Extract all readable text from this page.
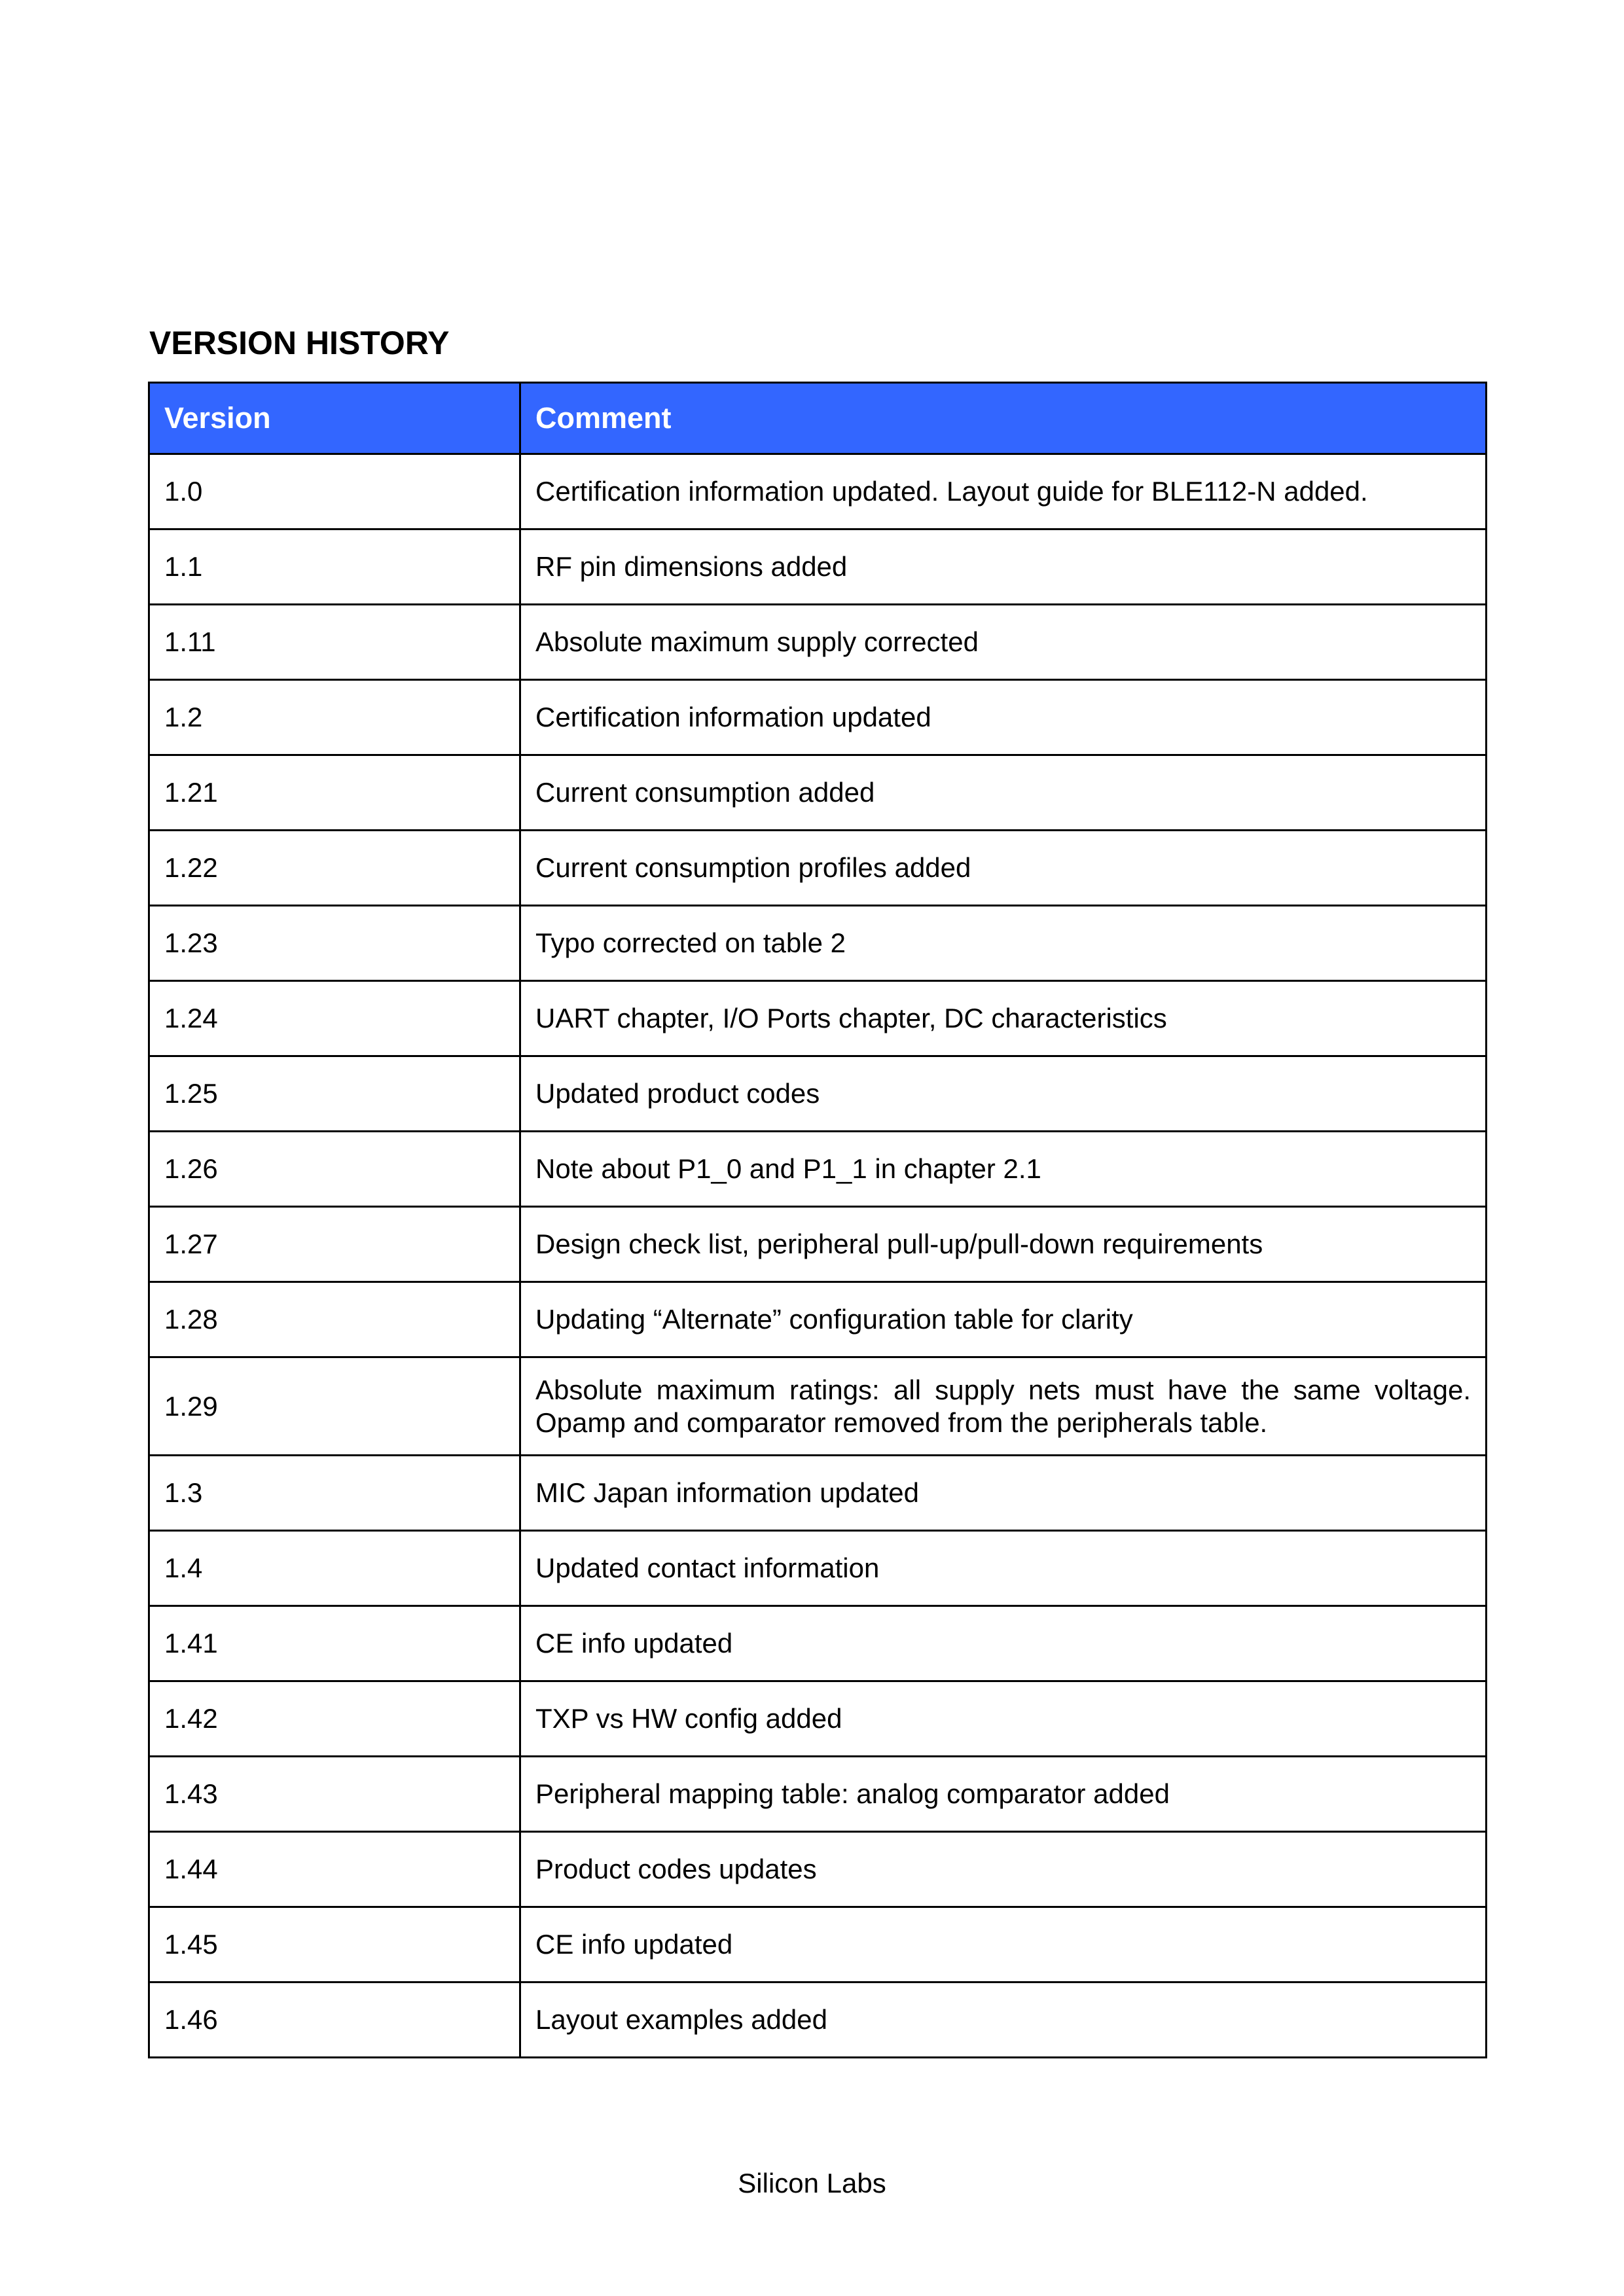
VERSION HISTORY
Version	Comment
1.0	Certification information updated. Layout guide for BLE112-N added.
1.1	RF pin dimensions added
1.11	Absolute maximum supply corrected
1.2	Certification information updated
1.21	Current consumption added
1.22	Current consumption profiles added
1.23	Typo corrected on table 2
1.24	UART chapter, I/O Ports chapter, DC characteristics
1.25	Updated product codes
1.26	Note about P1_0 and P1_1 in chapter 2.1
1.27	Design check list, peripheral pull-up/pull-down requirements
1.28	Updating “Alternate” configuration table for clarity
1.29	Absolute maximum ratings: all supply nets must have the same voltage. Opamp and comparator removed from the peripherals table.
1.3	MIC Japan information updated
1.4	Updated contact information
1.41	CE info updated
1.42	TXP vs HW config added
1.43	Peripheral mapping table: analog comparator added
1.44	Product codes updates
1.45	CE info updated
1.46	Layout examples added
Silicon Labs
